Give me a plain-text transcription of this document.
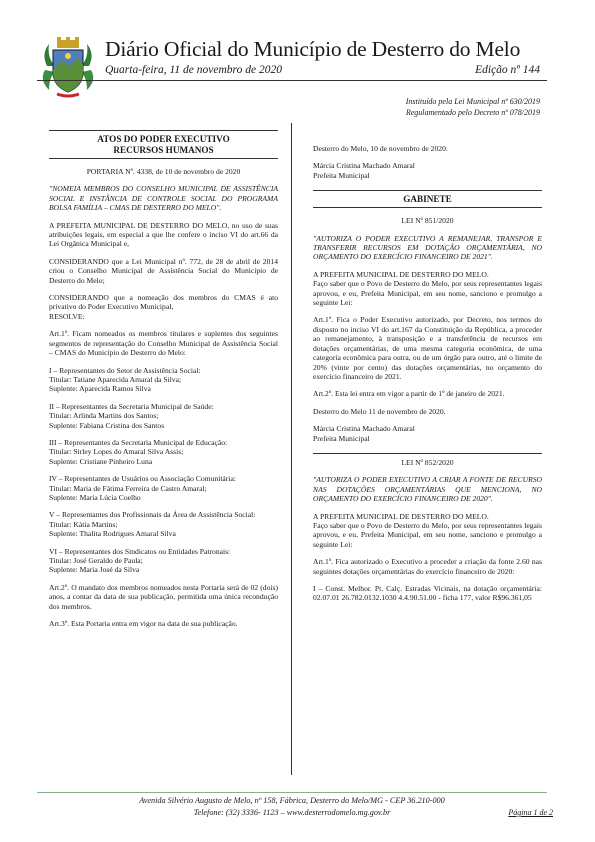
Diário Oficial do Município de Desterro do Melo
Quarta-feira, 11 de novembro de 2020	Edição nº 144
Instituído pela Lei Municipal nº 630/2019
Regulamentado pelo Decreto nº 078/2019
ATOS DO PODER EXECUTIVO
RECURSOS HUMANOS

PORTARIA Nº. 4338, de 10 de novembro de 2020

"NOMEIA MEMBROS DO CONSELHO MUNICIPAL DE ASSISTÊNCIA SOCIAL E INSTÂNCIA DE CONTROLE SOCIAL DO PROGRAMA BOLSA FAMÍLIA – CMAS DE DESTERRO DO MELO".

A PREFEITA MUNICIPAL DE DESTERRO DO MELO, no uso de suas atribuições legais, em especial a que lhe confere o inciso VI do art.66 da Lei Orgânica Municipal e,

CONSIDERANDO que a Lei Municipal nº. 772, de 28 de abril de 2014 criou o Conselho Municipal de Assistência Social do Município de Desterro do Melo;

CONSIDERANDO que a nomeação dos membros do CMAS é ato privativo do Poder Executivo Municipal,

RESOLVE:

Art.1º. Ficam nomeados os membros titulares e suplentes dos seguintes segmentos de representação do Conselho Municipal de Assistência Social – CMAS do Município de Desterro do Melo:

I – Representantes do Setor de Assistência Social:
Titular: Tatiane Aparecida Amaral da Silva;
Suplente: Aparecida Ramos Silva
II – Representantes da Secretaria Municipal de Saúde:
Titular: Arlinda Martins dos Santos;
Suplente: Fabiana Cristina dos Santos
III – Representantes da Secretaria Municipal de Educação:
Titular: Sirley Lopes do Amaral Silva Assis;
Suplente: Cristiane Pinheiro Luna
IV – Representantes de Usuários ou Associação Comunitária:
Titular: Maria de Fátima Ferreira de Castro Amaral;
Suplente: Maria Lúcia Coelho
V – Representantes dos Profissionais da Área de Assistência Social:
Titular: Kátia Martins;
Suplente: Thalita Rodrigues Amaral Silva
VI – Representantes dos Sindicatos ou Entidades Patronais:
Titular: José Geraldo de Paula;
Suplente: Maria José da Silva

Art.2º. O mandato dos membros nomeados nesta Portaria será de 02 (dois) anos, a contar da data de sua publicação, permitida uma única recondução dos membros.

Art.3º. Esta Portaria entra em vigor na data de sua publicação.

Desterro do Melo, 10 de novembro de 2020.

Márcia Cristina Machado Amaral
Prefeita Municipal
GABINETE

LEI Nº 851/2020

"AUTORIZA O PODER EXECUTIVO A REMANEJAR, TRANSPOR E TRANSFERIR RECURSOS EM DOTAÇÃO ORÇAMENTÁRIA, NO ORÇAMENTO DO EXERCÍCIO FINANCEIRO DE 2021".

A PREFEITA MUNICIPAL DE DESTERRO DO MELO.
Faço saber que o Povo de Desterro do Melo, por seus representantes legais aprovou, e eu, Prefeita Municipal, em seu nome, sanciono e promulgo a seguinte Lei:

Art.1º. Fica o Poder Executivo autorizado, por Decreto, nos termos do disposto no inciso VI do art.167 da Constituição da República, a proceder ao remanejamento, à transposição e a transferência de recursos em dotações orçamentárias, de uma mesma categoria econômica, de uma categoria econômica para outra, ou de um órgão para outro, até o limite de 20% (vinte por cento) das dotações orçamentárias, no orçamento do exercício financeiro de 2021.

Art.2º. Esta lei entra em vigor a partir de 1º de janeiro de 2021.

Desterro do Melo 11 de novembro de 2020.

Márcia Cristina Machado Amaral
Prefeita Municipal

LEI Nº 852/2020

"AUTORIZA O PODER EXECUTIVO A CRIAR A FONTE DE RECURSO NAS DOTAÇÕES ORÇAMENTÁRIAS QUE MENCIONA, NO ORÇAMENTO DO EXERCÍCIO FINANCEIRO DE 2020".

A PREFEITA MUNICIPAL DE DESTERRO DO MELO.
Faço saber que o Povo de Desterro do Melo, por seus representantes legais aprovou, e eu, Prefeita Municipal, em seu nome, sanciono e promulgo a seguinte Lei:

Art.1º. Fica autorizado o Executivo a proceder a criação da fonte 2.60 nas seguintes dotações orçamentárias do exercício financeiro de 2020:

I – Const. Melhor. Pt. Calç. Estradas Vicinais, na dotação orçamentária: 02.07.01 26.782.0132.1030 4.4.90.51.00 - ficha 177, valor R$96.361,05

Avenida Silvério Augusto de Melo, nº 158, Fábrica, Desterro do Melo/MG - CEP 36.210-000
Telefone: (32) 3336- 1123 – www.desterrodomelo.mg.gov.br	Página 1 de 2
